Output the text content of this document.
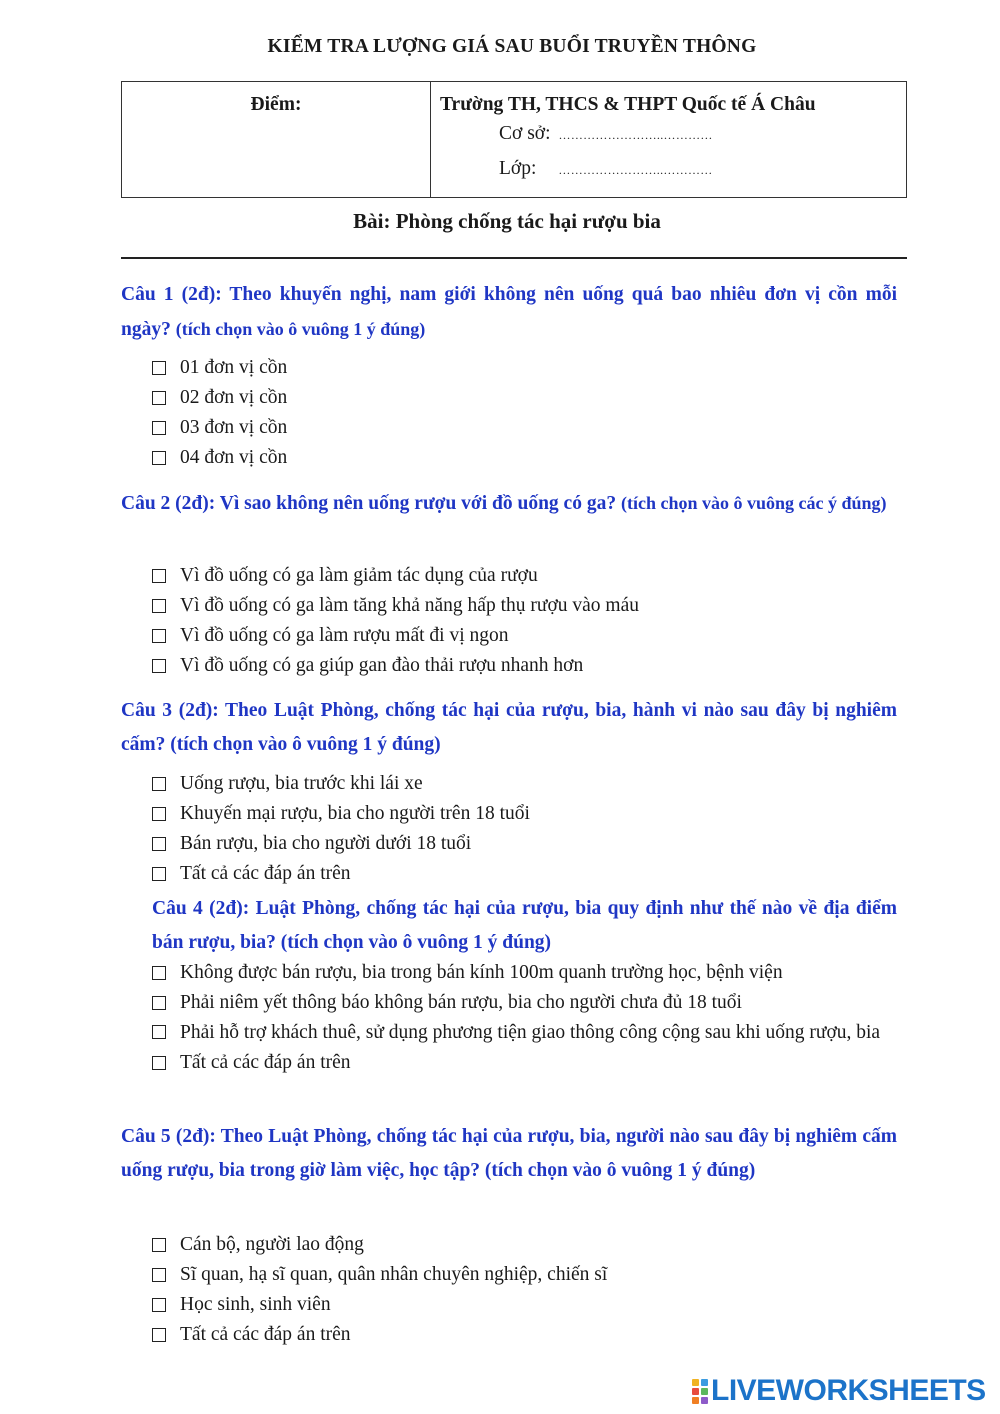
KIỂM TRA LƯỢNG GIÁ SAU BUỔI TRUYỀN THÔNG
Điểm:	Trường TH, THCS & THPT Quốc tế Á Châu
Cơ sở: ……………………..…………
Lớp: ……………………..…………
Bài: Phòng chống tác hại rượu bia
Câu 1 (2đ): Theo khuyến nghị, nam giới không nên uống quá bao nhiêu đơn vị cồn mỗi ngày? (tích chọn vào ô vuông 1 ý đúng)
01 đơn vị cồn
02 đơn vị cồn
03 đơn vị cồn
04 đơn vị cồn
Câu 2 (2đ): Vì sao không nên uống rượu với đồ uống có ga? (tích chọn vào ô vuông các ý đúng)
Vì đồ uống có ga làm giảm tác dụng của rượu
Vì đồ uống có ga làm tăng khả năng hấp thụ rượu vào máu
Vì đồ uống có ga làm rượu mất đi vị ngon
Vì đồ uống có ga giúp gan đào thải rượu nhanh hơn
Câu 3 (2đ): Theo Luật Phòng, chống tác hại của rượu, bia, hành vi nào sau đây bị nghiêm cấm? (tích chọn vào ô vuông 1 ý đúng)
Uống rượu, bia trước khi lái xe
Khuyến mại rượu, bia cho người trên 18 tuổi
Bán rượu, bia cho người dưới 18 tuổi
Tất cả các đáp án trên
Câu 4 (2đ): Luật Phòng, chống tác hại của rượu, bia quy định như thế nào về địa điểm bán rượu, bia? (tích chọn vào ô vuông 1 ý đúng)
Không được bán rượu, bia trong bán kính 100m quanh trường học, bệnh viện
Phải niêm yết thông báo không bán rượu, bia cho người chưa đủ 18 tuổi
Phải hỗ trợ khách thuê, sử dụng phương tiện giao thông công cộng sau khi uống rượu, bia
Tất cả các đáp án trên
Câu 5 (2đ): Theo Luật Phòng, chống tác hại của rượu, bia, người nào sau đây bị nghiêm cấm uống rượu, bia trong giờ làm việc, học tập? (tích chọn vào ô vuông 1 ý đúng)
Cán bộ, người lao động
Sĩ quan, hạ sĩ quan, quân nhân chuyên nghiệp, chiến sĩ
Học sinh, sinh viên
Tất cả các đáp án trên
LIVEWORKSHEETS
